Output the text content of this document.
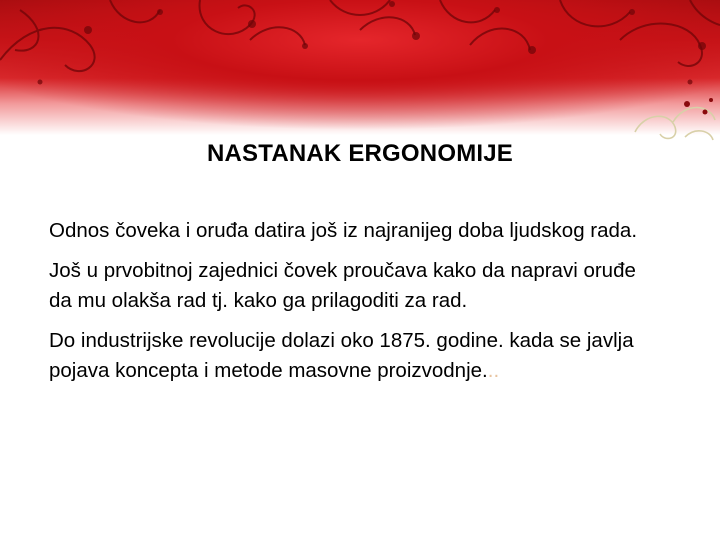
NASTANAK ERGONOMIJE

Odnos čoveka i oruđa datira još iz najranijeg doba ljudskog rada.

Još u prvobitnoj zajednici čovek proučava kako da napravi oruđe da mu olakša rad tj. kako ga prilagoditi za rad.

Do industrijske revolucije dolazi oko 1875. godine. kada se javlja pojava koncepta i metode masovne proizvodnje...
